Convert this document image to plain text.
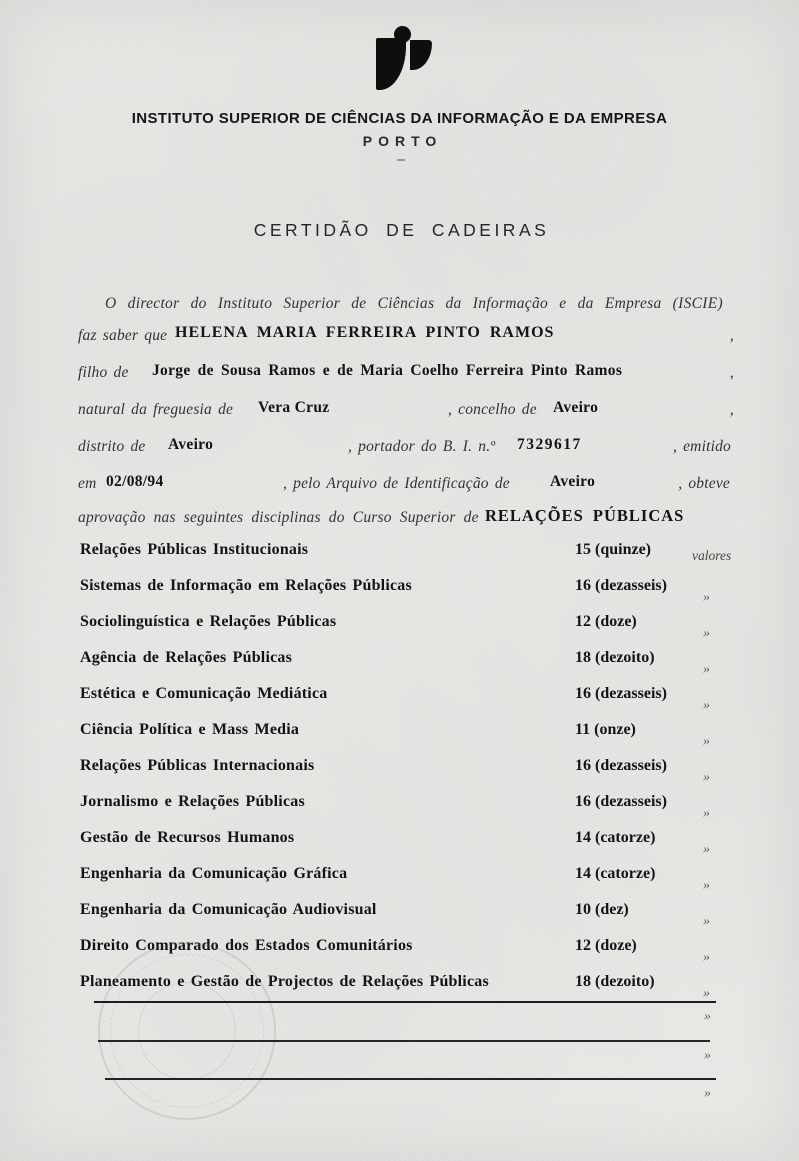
INSTITUTO SUPERIOR DE CIÊNCIAS DA INFORMAÇÃO E DA EMPRESA
PORTO
CERTIDÃO DE CADEIRAS
O director do Instituto Superior de Ciências da Informação e da Empresa (ISCIE)
faz saber que HELENA MARIA FERREIRA PINTO RAMOS	,
filho de Jorge de Sousa Ramos e de Maria Coelho Ferreira Pinto Ramos	,
natural da freguesia de Vera Cruz	, concelho de Aveiro	,
distrito de Aveiro	, portador do B. I. n.º 7329617	, emitido
em 02/08/94	, pelo Arquivo de Identificação de	Aveiro	, obteve
aprovação nas seguintes disciplinas do Curso Superior de RELAÇÕES PÚBLICAS
Relações Públicas Institucionais	15 (quinze)	valores
Sistemas de Informação em Relações Públicas	16 (dezasseis)
»
Sociolinguística e Relações Públicas	12 (doze)
»
Agência de Relações Públicas	18 (dezoito)
»
Estética e Comunicação Mediática	16 (dezasseis)
»
Ciência Política e Mass Media	11 (onze)
»
Relações Públicas Internacionais	16 (dezasseis)
»
Jornalismo e Relações Públicas	16 (dezasseis)
»
Gestão de Recursos Humanos	14 (catorze)
»
Engenharia da Comunicação Gráfica	14 (catorze)
»
Engenharia da Comunicação Audiovisual	10 (dez)
»
Direito Comparado dos Estados Comunitários	12 (doze)
»
Planeamento e Gestão de Projectos de Relações Públicas	18 (dezoito)
»
»
»
»
